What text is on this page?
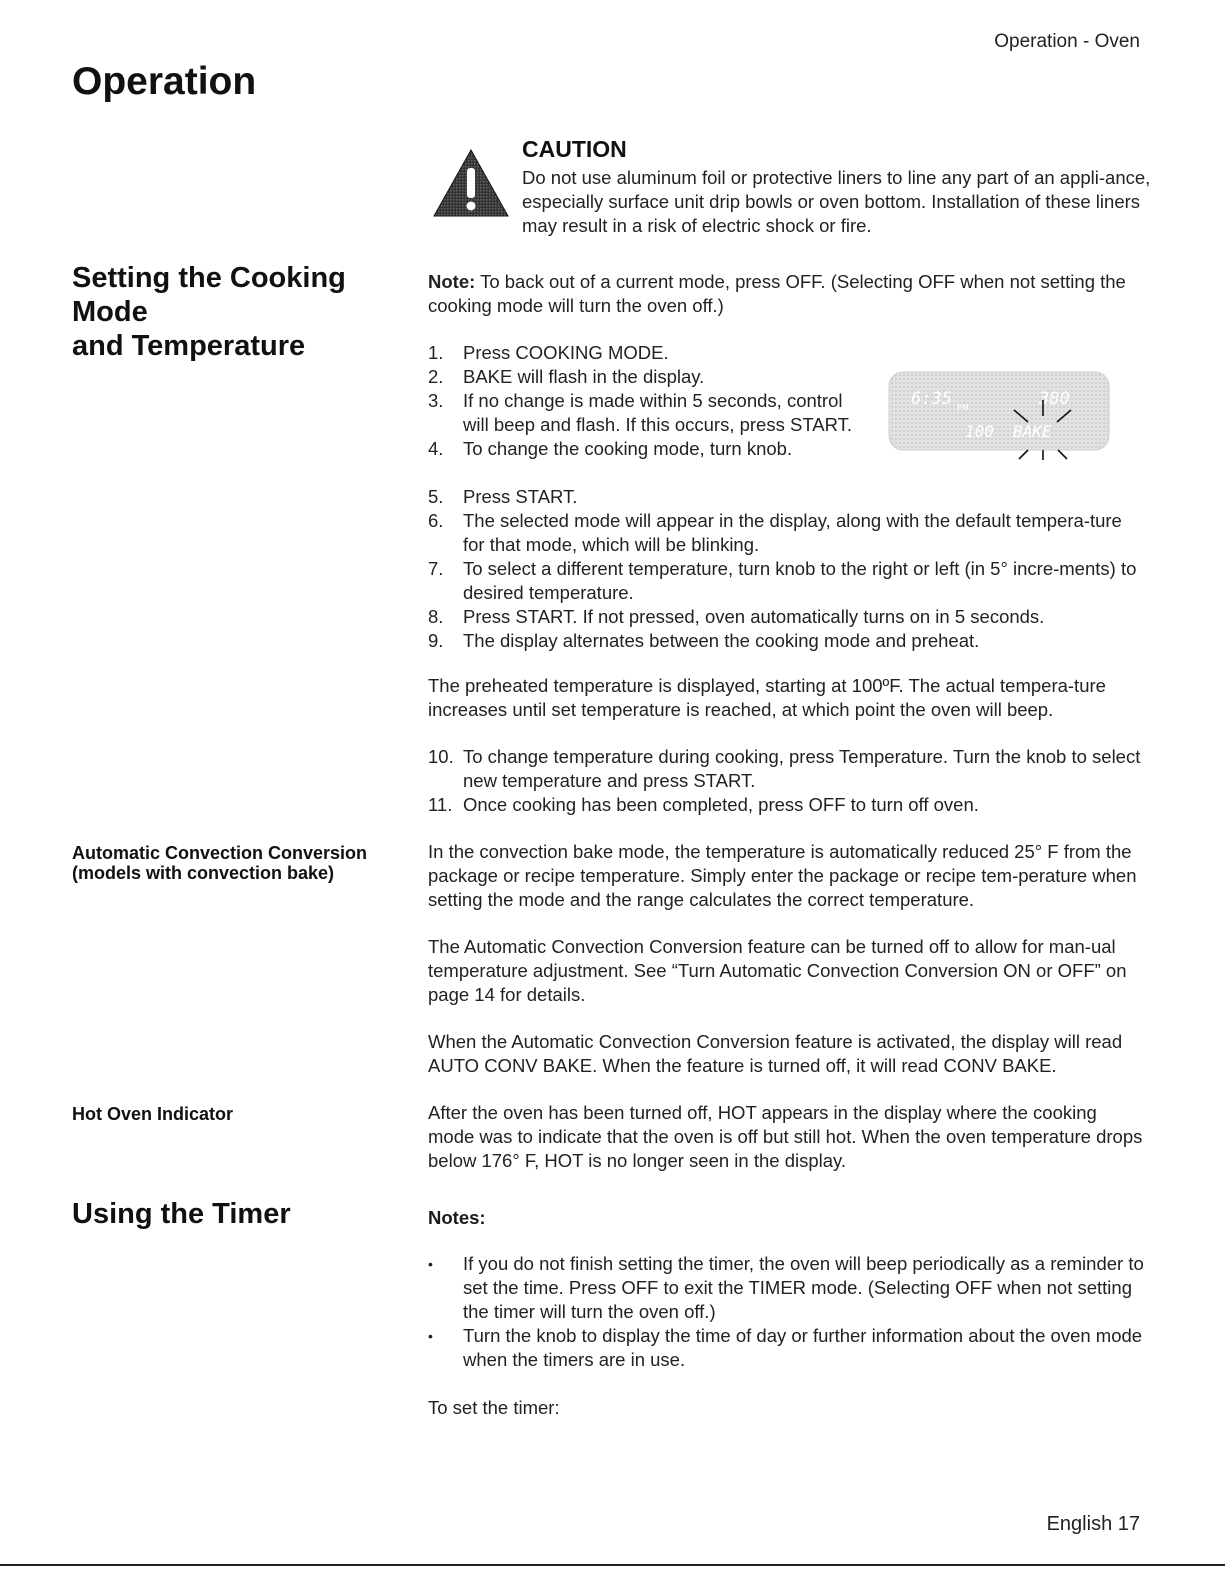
Operation - Oven
Operation
CAUTION
Do not use aluminum foil or protective liners to line any part of an appli-ance, especially surface unit drip bowls or oven bottom. Installation of these liners may result in a risk of electric shock or fire.
Setting the Cooking
Mode
and Temperature

Note: To back out of a current mode, press OFF. (Selecting OFF when not setting the cooking mode will turn the oven off.)

1. Press COOKING MODE.
2. BAKE will flash in the display.
3. If no change is made within 5 seconds, control will beep and flash. If this occurs, press START.
4. To change the cooking mode, turn knob.
5. Press START.
6. The selected mode will appear in the display, along with the default tempera-ture for that mode, which will be blinking.
7. To select a different temperature, turn knob to the right or left (in 5° incre-ments) to desired temperature.
8. Press START. If not pressed, oven automatically turns on in 5 seconds.
9. The display alternates between the cooking mode and preheat.
6:35 PM	380
100 BAKE
The preheated temperature is displayed, starting at 100ºF. The actual tempera-ture increases until set temperature is reached, at which point the oven will beep.
10. To change temperature during cooking, press Temperature. Turn the knob to select new temperature and press START.
11. Once cooking has been completed, press OFF to turn off oven.
Automatic Convection Conversion
(models with convection bake)
In the convection bake mode, the temperature is automatically reduced 25° F from the package or recipe temperature. Simply enter the package or recipe tem-perature when setting the mode and the range calculates the correct temperature.
The Automatic Convection Conversion feature can be turned off to allow for man-ual temperature adjustment. See “Turn Automatic Convection Conversion ON or OFF” on page 14 for details.
When the Automatic Convection Conversion feature is activated, the display will read AUTO CONV BAKE. When the feature is turned off, it will read CONV BAKE.
Hot Oven Indicator	After the oven has been turned off, HOT appears in the display where the cooking mode was to indicate that the oven is off but still hot. When the oven temperature drops below 176° F, HOT is no longer seen in the display.
Using the Timer	Notes:
• If you do not finish setting the timer, the oven will beep periodically as a reminder to set the time. Press OFF to exit the TIMER mode. (Selecting OFF when not setting the timer will turn the oven off.)
• Turn the knob to display the time of day or further information about the oven mode when the timers are in use.
To set the timer:
English 17
